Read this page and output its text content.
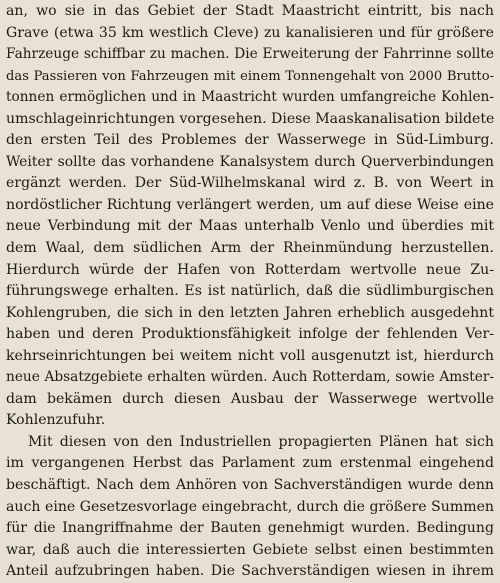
an, wo sie in das Gebiet der Stadt Maastricht eintritt, bis nach
Grave (etwa 35 km westlich Cleve) zu kanalisieren und für größere
Fahrzeuge schiffbar zu machen. Die Erweiterung der Fahrrinne sollte
das Passieren von Fahrzeugen mit einem Tonnengehalt von 2000 Brutto-
tonnen ermöglichen und in Maastricht wurden umfangreiche Kohlen-
umschlageinrichtungen vorgesehen. Diese Maaskanalisation bildete
den ersten Teil des Problemes der Wasserwege in Süd-Limburg.
Weiter sollte das vorhandene Kanalsystem durch Querverbindungen
ergänzt werden. Der Süd-Wilhelmskanal wird z. B. von Weert in
nordöstlicher Richtung verlängert werden, um auf diese Weise eine
neue Verbindung mit der Maas unterhalb Venlo und überdies mit
dem Waal, dem südlichen Arm der Rheinmündung herzustellen.
Hierdurch würde der Hafen von Rotterdam wertvolle neue Zu-
führungswege erhalten. Es ist natürlich, daß die südlimburgischen
Kohlengruben, die sich in den letzten Jahren erheblich ausgedehnt
haben und deren Produktionsfähigkeit infolge der fehlenden Ver-
kehrseinrichtungen bei weitem nicht voll ausgenutzt ist, hierdurch
neue Absatzgebiete erhalten würden. Auch Rotterdam, sowie Amster-
dam bekämen durch diesen Ausbau der Wasserwege wertvolle
Kohlenzufuhr.
Mit diesen von den Industriellen propagierten Plänen hat sich
im vergangenen Herbst das Parlament zum erstenmal eingehend
beschäftigt. Nach dem Anhören von Sachverständigen wurde denn
auch eine Gesetzesvorlage eingebracht, durch die größere Summen
für die Inangriffnahme der Bauten genehmigt wurden. Bedingung
war, daß auch die interessierten Gebiete selbst einen bestimmten
Anteil aufzubringen haben. Die Sachverständigen wiesen in ihrem
